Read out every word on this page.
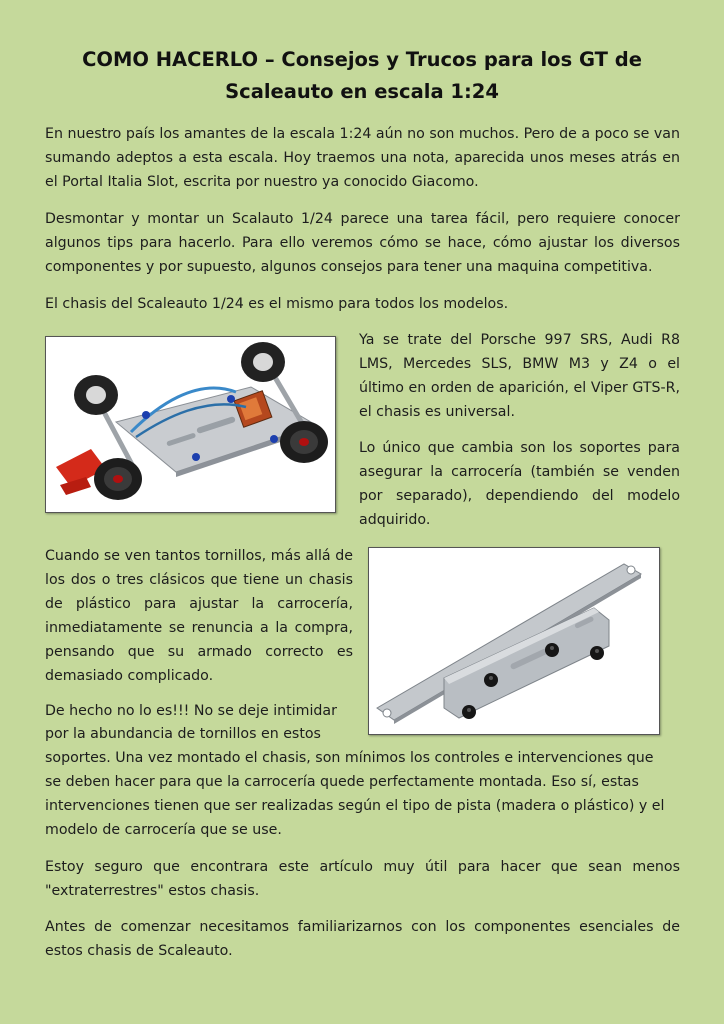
COMO HACERLO – Consejos y Trucos para los GT de
Scaleauto en escala 1:24

En nuestro país los amantes de la escala 1:24 aún no son muchos. Pero de a poco se van sumando adeptos a esta escala. Hoy traemos una nota, aparecida unos meses atrás en el Portal Italia Slot, escrita por nuestro ya conocido Giacomo.

Desmontar y montar un Scalauto 1/24 parece una tarea fácil, pero requiere conocer algunos tips para hacerlo. Para ello veremos cómo se hace, cómo ajustar los diversos componentes y por supuesto, algunos consejos para tener una maquina competitiva.

El chasis del Scaleauto 1/24 es el mismo para todos los modelos.

Ya se trate del Porsche 997 SRS, Audi R8 LMS, Mercedes SLS, BMW M3 y Z4 o el último en orden de aparición, el Viper GTS-R, el chasis es universal.

Lo único que cambia son los soportes para asegurar la carrocería (también se venden por separado), dependiendo del modelo adquirido.

Cuando se ven tantos tornillos, más allá de los dos o tres clásicos que tiene un chasis de plástico para ajustar la carrocería, inmediatamente se renuncia a la compra, pensando que su armado correcto es demasiado complicado.

De hecho no lo es!!! No se deje intimidar

por la abundancia de tornillos en estos

soportes. Una vez montado el chasis, son mínimos los controles e intervenciones que se deben hacer para que la carrocería quede perfectamente montada. Eso sí, estas intervenciones tienen que ser realizadas según el tipo de pista (madera o plástico) y el modelo de carrocería que se use.

Estoy seguro que encontrara este artículo muy útil para hacer que sean menos "extraterrestres" estos chasis.

Antes de comenzar necesitamos familiarizarnos con los componentes esenciales de estos chasis de Scaleauto.
